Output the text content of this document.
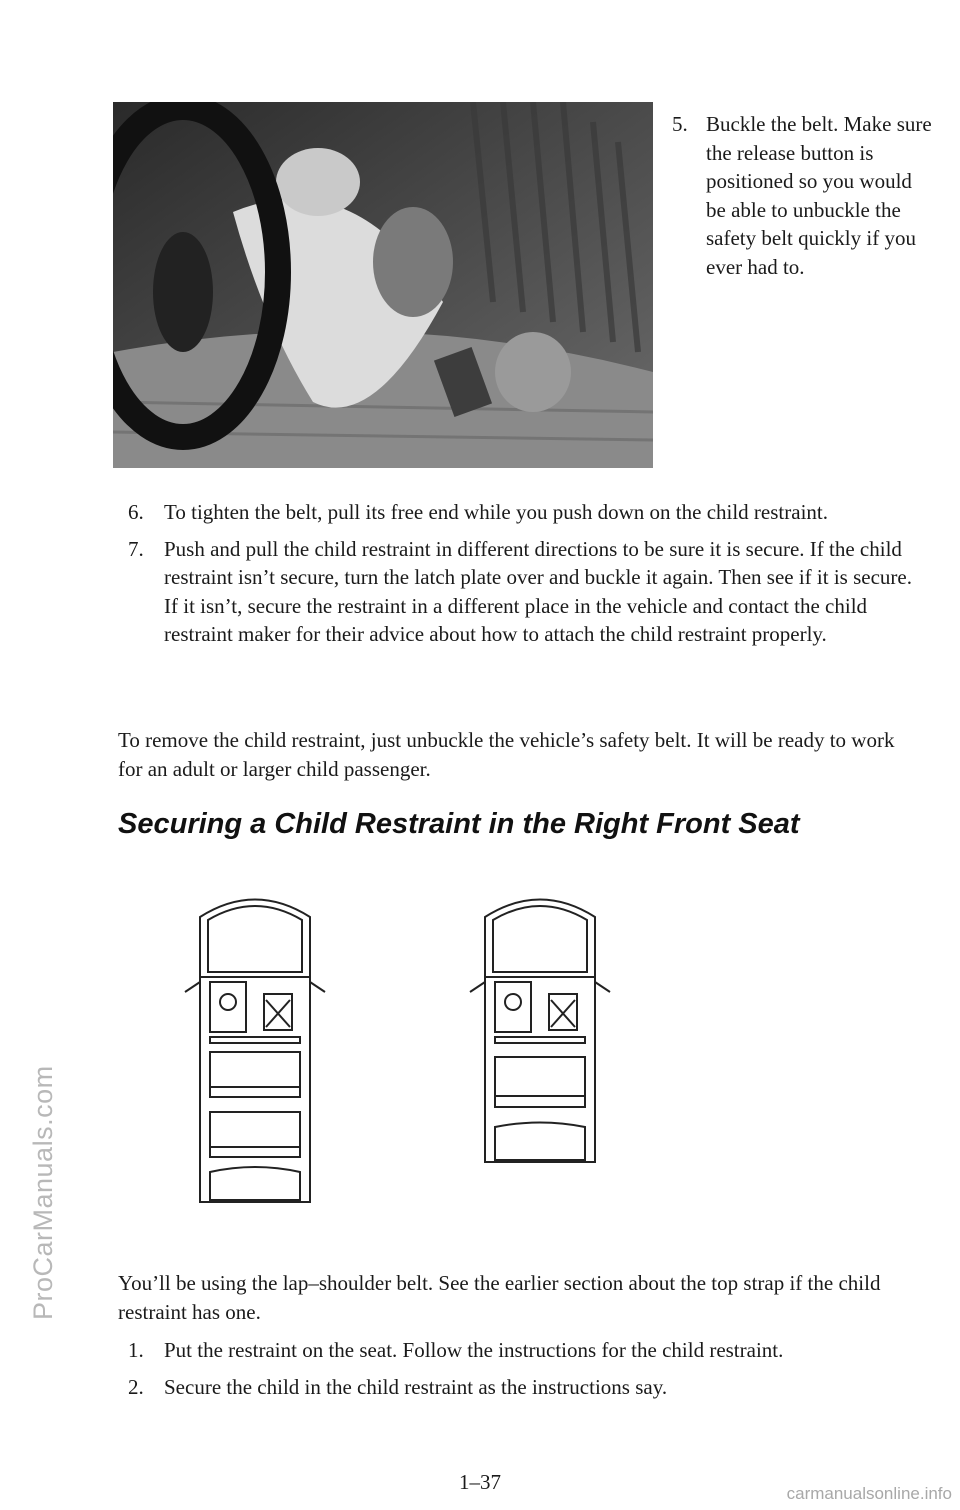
ProCarManuals.com
5. Buckle the belt. Make sure the release button is positioned so you would be able to unbuckle the safety belt quickly if you ever had to.
6. To tighten the belt, pull its free end while you push down on the child restraint.
7. Push and pull the child restraint in different directions to be sure it is secure. If the child restraint isn’t secure, turn the latch plate over and buckle it again. Then see if it is secure. If it isn’t, secure the restraint in a different place in the vehicle and contact the child restraint maker for their advice about how to attach the child restraint properly.
To remove the child restraint, just unbuckle the vehicle’s safety belt. It will be ready to work for an adult or larger child passenger.
Securing a Child Restraint in the Right Front Seat
You’ll be using the lap–shoulder belt. See the earlier section about the top strap if the child restraint has one.
1. Put the restraint on the seat. Follow the instructions for the child restraint.
2. Secure the child in the child restraint as the instructions say.
1–37	carmanualsonline.info
